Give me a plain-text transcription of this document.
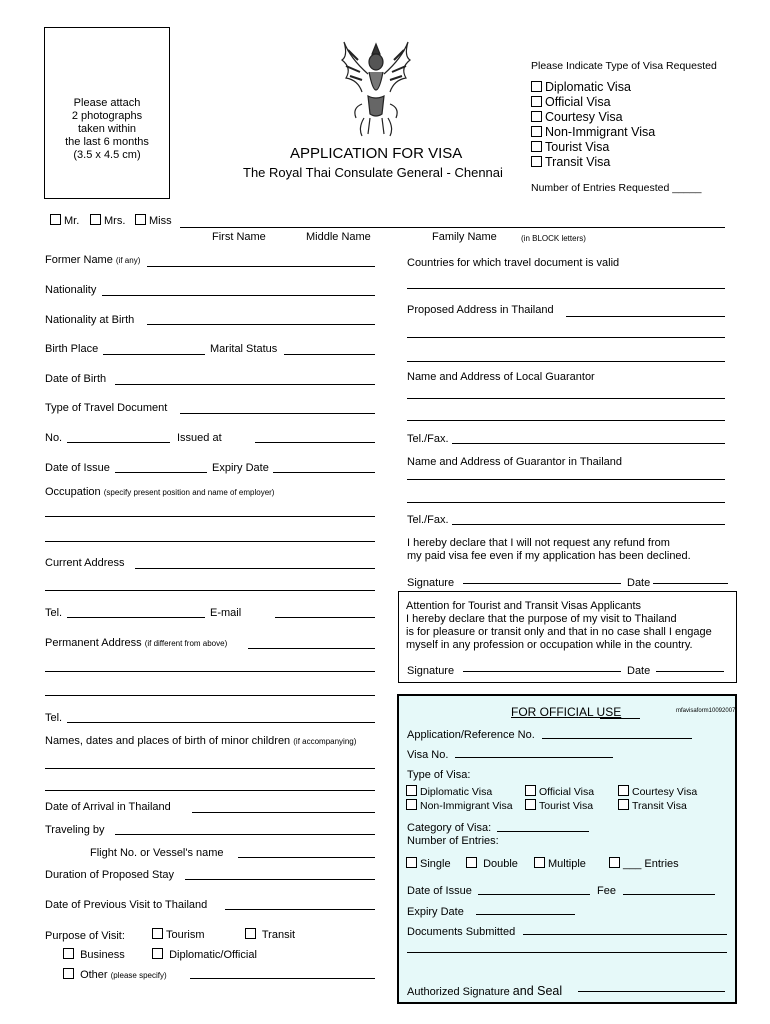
Please attach
2 photographs
taken within
the last 6 months
(3.5 x 4.5 cm)	APPLICATION FOR VISA
The Royal Thai Consulate General - Chennai
Please Indicate Type of Visa Requested
Diplomatic Visa
Official Visa
Courtesy Visa
Non-Immigrant Visa
Tourist Visa
Transit Visa
Number of Entries Requested _____
Mr.	Mrs.	Miss
First Name	Middle Name	Family Name	(in BLOCK letters)
Former Name (if any)
Nationality
Nationality at Birth
Birth Place	Marital Status
Date of Birth
Type of Travel Document
No.	Issued at
Date of Issue	Expiry Date
Occupation (specify present position and name of employer)
Current Address
Tel.	E-mail
Permanent Address (if different from above)
Tel.
Names, dates and places of birth of minor children (if accompanying)
Date of Arrival in Thailand
Traveling by
Flight No. or Vessel's name
Duration of Proposed Stay
Date of Previous Visit to Thailand
Purpose of Visit:	Tourism	Transit
Business	Diplomatic/Official
Other (please specify)
Countries for which travel document is valid
Proposed Address in Thailand
Name and Address of Local Guarantor
Tel./Fax.
Name and Address of Guarantor in Thailand
Tel./Fax.
I hereby declare that I will not request any refund from
my paid visa fee even if my application has been declined.
Signature	Date
Attention for Tourist and Transit Visas Applicants
I hereby declare that the purpose of my visit to Thailand
is for pleasure or transit only and that in no case shall I engage
myself in any profession or occupation while in the country.
Signature	Date
FOR OFFICIAL USE	mfavisaform10092007
Application/Reference No.
Visa No.
Type of Visa:
Diplomatic Visa	Official Visa	Courtesy Visa
Non-Immigrant Visa	Tourist Visa	Transit Visa
Category of Visa:
Number of Entries:
Single	Double	Multiple	___ Entries
Date of Issue	Fee
Expiry Date
Documents Submitted
Authorized Signature and Seal
